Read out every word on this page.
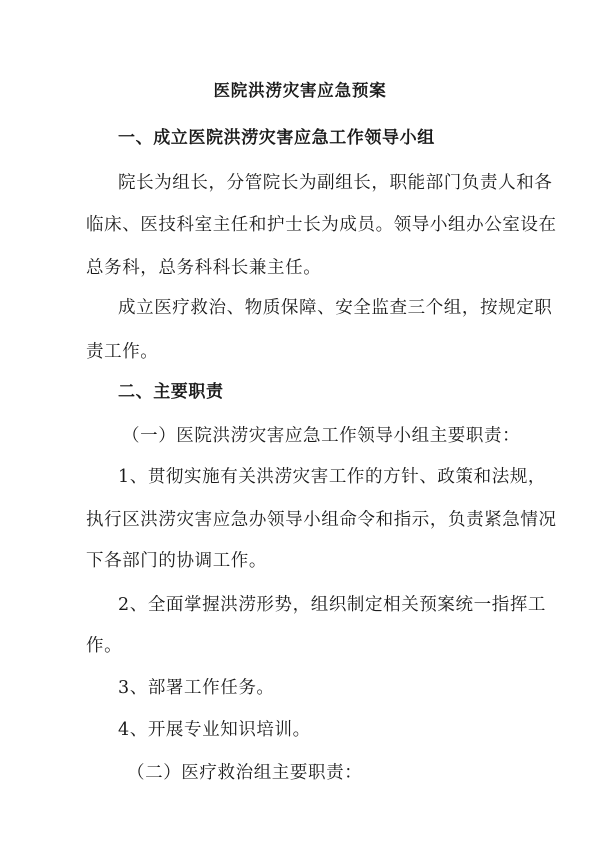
医院洪涝灾害应急预案
一、成立医院洪涝灾害应急工作领导小组
院长为组长，分管院长为副组长，职能部门负责人和各
临床、医技科室主任和护士长为成员。领导小组办公室设在
总务科，总务科科长兼主任。
成立医疗救治、物质保障、安全监查三个组，按规定职
责工作。
二、主要职责
（一）医院洪涝灾害应急工作领导小组主要职责：
1、贯彻实施有关洪涝灾害工作的方针、政策和法规，
执行区洪涝灾害应急办领导小组命令和指示，负责紧急情况
下各部门的协调工作。
2、全面掌握洪涝形势，组织制定相关预案统一指挥工
作。
3、部署工作任务。
4、开展专业知识培训。
（二）医疗救治组主要职责：
